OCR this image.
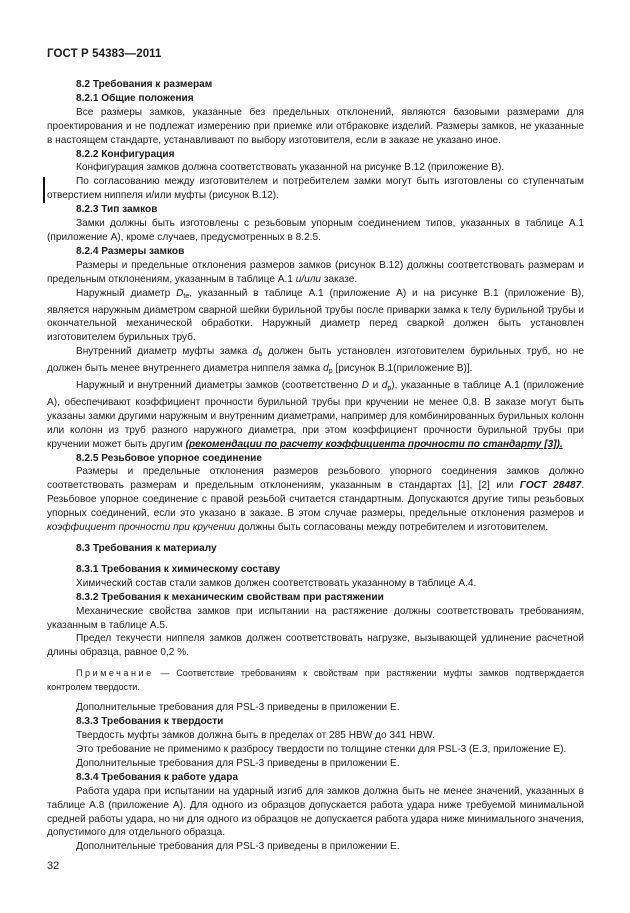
ГОСТ Р 54383—2011

8.2 Требования к размерам

8.2.1 Общие положения

Все размеры замков, указанные без предельных отклонений, являются базовыми размерами для проектирования и не подлежат измерению при приемке или отбраковке изделий. Размеры замков, не указанные в настоящем стандарте, устанавливают по выбору изготовителя, если в заказе не указано иное.

8.2.2 Конфигурация

Конфигурация замков должна соответствовать указанной на рисунке В.12 (приложение В).

По согласованию между изготовителем и потребителем замки могут быть изготовлены со ступенчатым отверстием ниппеля и/или муфты (рисунок В.12).

8.2.3 Тип замков

Замки должны быть изготовлены с резьбовым упорным соединением типов, указанных в таблице А.1 (приложение А), кроме случаев, предусмотренных в 8.2.5.

8.2.4 Размеры замков

Размеры и предельные отклонения размеров замков (рисунок В.12) должны соответствовать размерам и предельным отклонениям, указанным в таблице А.1 и/или заказе.

Наружный диаметр $D_{te}$, указанный в таблице А.1 (приложение А) и на рисунке В.1 (приложение В), является наружным диаметром сварной шейки бурильной трубы после приварки замка к телу бурильной трубы и окончательной механической обработки. Наружный диаметр перед сваркой должен быть установлен изготовителем бурильных труб.

Внутренний диаметр муфты замка $d_b$ должен быть установлен изготовителем бурильных труб, но не должен быть менее внутреннего диаметра ниппеля замка $d_p$ [рисунок В.1(приложение В)].

Наружный и внутренний диаметры замков (соответственно D и $d_p$), указанные в таблице А.1 (приложение А), обеспечивают коэффициент прочности бурильной трубы при кручении не менее 0,8. В заказе могут быть указаны замки другими наружным и внутренним диаметрами, например для комбинированных бурильных колонн или колонн из труб разного наружного диаметра, при этом коэффициент прочности бурильной трубы при кручении может быть другим (рекомендации по расчету коэффициента прочности по стандарту [3]).

8.2.5 Резьбовое упорное соединение

Размеры и предельные отклонения размеров резьбового упорного соединения замков должно соответствовать размерам и предельным отклонениям, указанным в стандартах [1], [2] или ГОСТ 28487. Резьбовое упорное соединение с правой резьбой считается стандартным. Допускаются другие типы резьбовых упорных соединений, если это указано в заказе. В этом случае размеры, предельные отклонения размеров и коэффициент прочности при кручении должны быть согласованы между потребителем и изготовителем.

8.3 Требования к материалу

8.3.1 Требования к химическому составу

Химический состав стали замков должен соответствовать указанному в таблице А.4.

8.3.2 Требования к механическим свойствам при растяжении

Механические свойства замков при испытании на растяжение должны соответствовать требованиям, указанным в таблице А.5.

Предел текучести ниппеля замков должен соответствовать нагрузке, вызывающей удлинение расчетной длины образца, равное 0,2 %.

Примечание — Соответствие требованиям к свойствам при растяжении муфты замков подтверждается контролем твердости.

Дополнительные требования для PSL-3 приведены в приложении Е.

8.3.3 Требования к твердости

Твердость муфты замков должна быть в пределах от 285 HBW до 341 HBW.

Это требование не применимо к разбросу твердости по толщине стенки для PSL-3 (Е.3, приложение Е).

Дополнительные требования для PSL-3 приведены в приложении Е.

8.3.4 Требования к работе удара

Работа удара при испытании на ударный изгиб для замков должна быть не менее значений, указанных в таблице А.8 (приложение А). Для одного из образцов допускается работа удара ниже требуемой минимальной средней работы удара, но ни для одного из образцов не допускается работа удара ниже минимального значения, допустимого для отдельного образца.

Дополнительные требования для PSL-3 приведены в приложении Е.

32
